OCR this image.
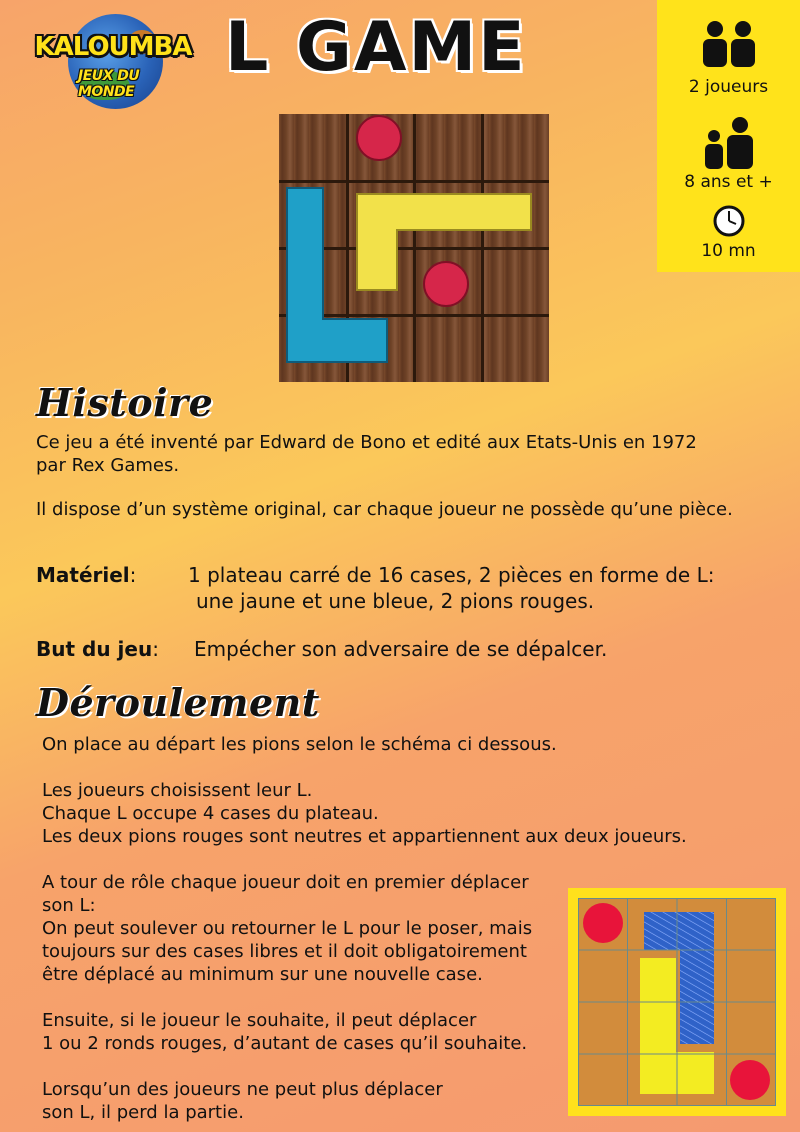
KALOUMBA
JEUX DU MONDE
L GAME	2 joueurs
8 ans et +
10 mn
Histoire
Ce jeu a été inventé par Edward de Bono et edité aux Etats-Unis en 1972
par Rex Games.
Il dispose d’un système original, car chaque joueur ne possède qu’une pièce.
Matériel:	1 plateau carré de 16 cases, 2 pièces en forme de L:
une jaune et une bleue, 2 pions rouges.
But du jeu: Empécher son adversaire de se dépalcer.
Déroulement
On place au départ les pions selon le schéma ci dessous.

Les joueurs choisissent leur L.
Chaque L occupe 4 cases du plateau.
Les deux pions rouges sont neutres et appartiennent aux deux joueurs.

A tour de rôle chaque joueur doit en premier déplacer
son L:
On peut soulever ou retourner le L pour le poser, mais
toujours sur des cases libres et il doit obligatoirement
être déplacé au minimum sur une nouvelle case.

Ensuite, si le joueur le souhaite, il peut déplacer
1 ou 2 ronds rouges, d’autant de cases qu’il souhaite.

Lorsqu’un des joueurs ne peut plus déplacer
son L, il perd la partie.
